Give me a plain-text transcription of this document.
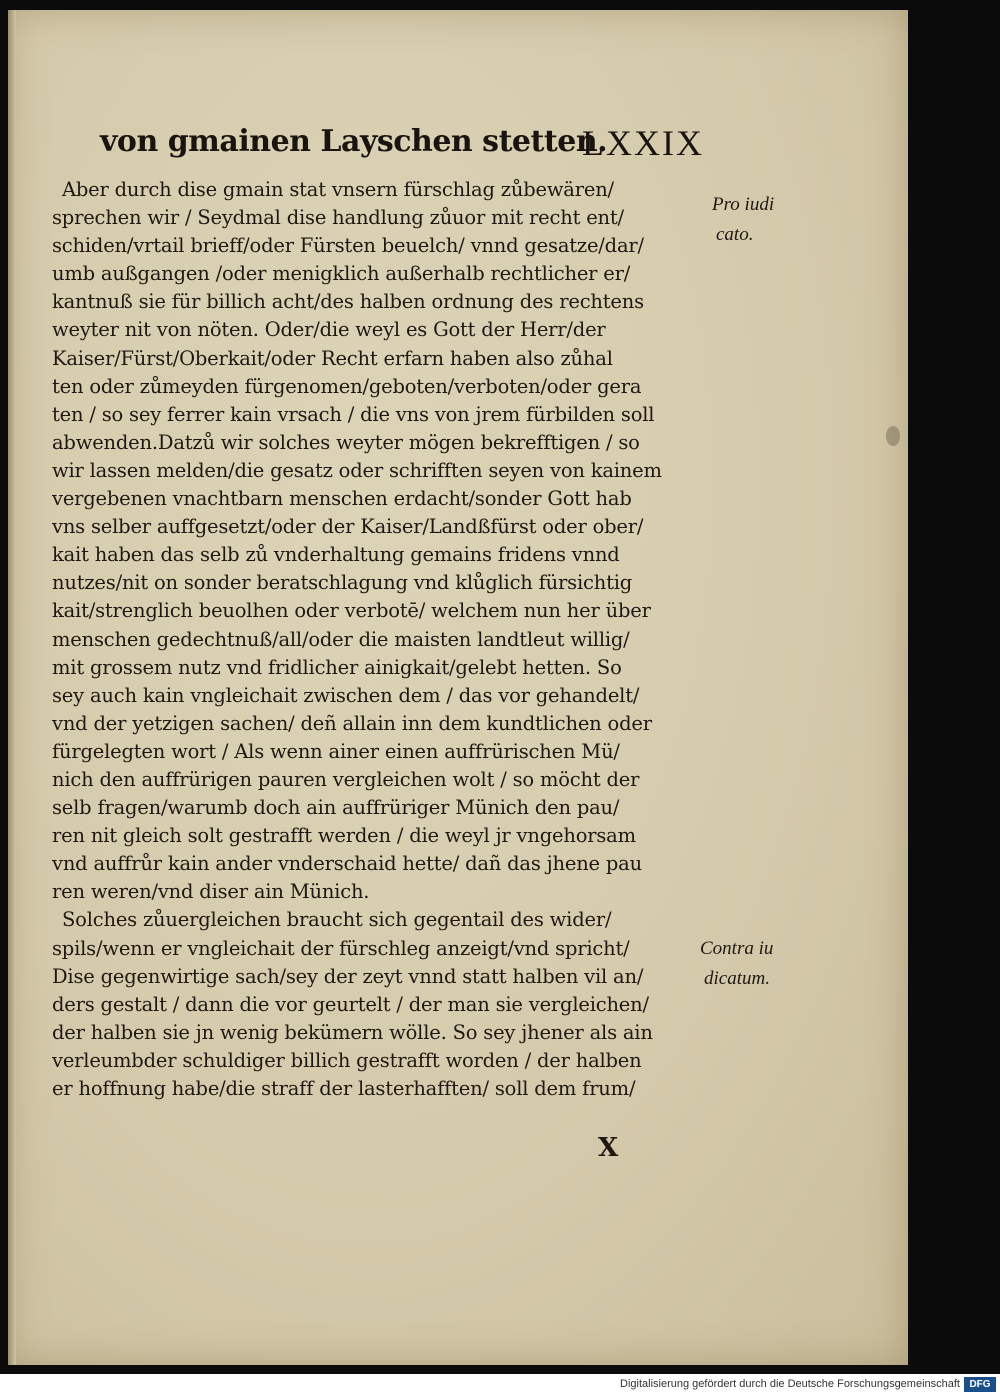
von gmainen Layschen stetten.
LXXIX
Aber durch dise gmain stat vnsern fürschlag zůbewären/
sprechen wir / Seydmal dise handlung zůuor mit recht ent/
schiden/vrtail brieff/oder Fürsten beuelch/ vnnd gesatze/dar/
umb außgangen /oder menigklich außerhalb rechtlicher er/
kantnuß sie für billich acht/des halben ordnung des rechtens
weyter nit von nöten. Oder/die weyl es Gott der Herr/der
Kaiser/Fürst/Oberkait/oder Recht erfarn haben also zůhal
ten oder zůmeyden fürgenomen/geboten/verboten/oder gera
ten / so sey ferrer kain vrsach / die vns von jrem fürbilden soll
abwenden.Datzů wir solches weyter mögen bekrefftigen / so
wir lassen melden/die gesatz oder schrifften seyen von kainem
vergebenen vnachtbarn menschen erdacht/sonder Gott hab
vns selber auffgesetzt/oder der Kaiser/Landßfürst oder ober/
kait haben das selb zů vnderhaltung gemains fridens vnnd
nutzes/nit on sonder beratschlagung vnd klůglich fürsichtig
kait/strenglich beuolhen oder verbotē/ welchem nun her über
menschen gedechtnuß/all/oder die maisten landtleut willig/
mit grossem nutz vnd fridlicher ainigkait/gelebt hetten. So
sey auch kain vngleichait zwischen dem / das vor gehandelt/
vnd der yetzigen sachen/ deñ allain inn dem kundtlichen oder
fürgelegten wort / Als wenn ainer einen auffrürischen Mü/
nich den auffrürigen pauren vergleichen wolt / so möcht der
selb fragen/warumb doch ain auffrüriger Münich den pau/
ren nit gleich solt gestrafft werden / die weyl jr vngehorsam
vnd auffrůr kain ander vnderschaid hette/ dañ das jhene pau
ren weren/vnd diser ain Münich.
Solches zůuergleichen braucht sich gegentail des wider/
spils/wenn er vngleichait der fürschleg anzeigt/vnd spricht/
Dise gegenwirtige sach/sey der zeyt vnnd statt halben vil an/
ders gestalt / dann die vor geurtelt / der man sie vergleichen/
der halben sie jn wenig bekümern wölle. So sey jhener als ain
verleumbder schuldiger billich gestrafft worden / der halben
er hoffnung habe/die straff der lasterhafften/ soll dem frum/
Pro iudi
cato.
Contra iu
dicatum.
X
Digitalisierung gefördert durch die Deutsche Forschungsgemeinschaft DFG
